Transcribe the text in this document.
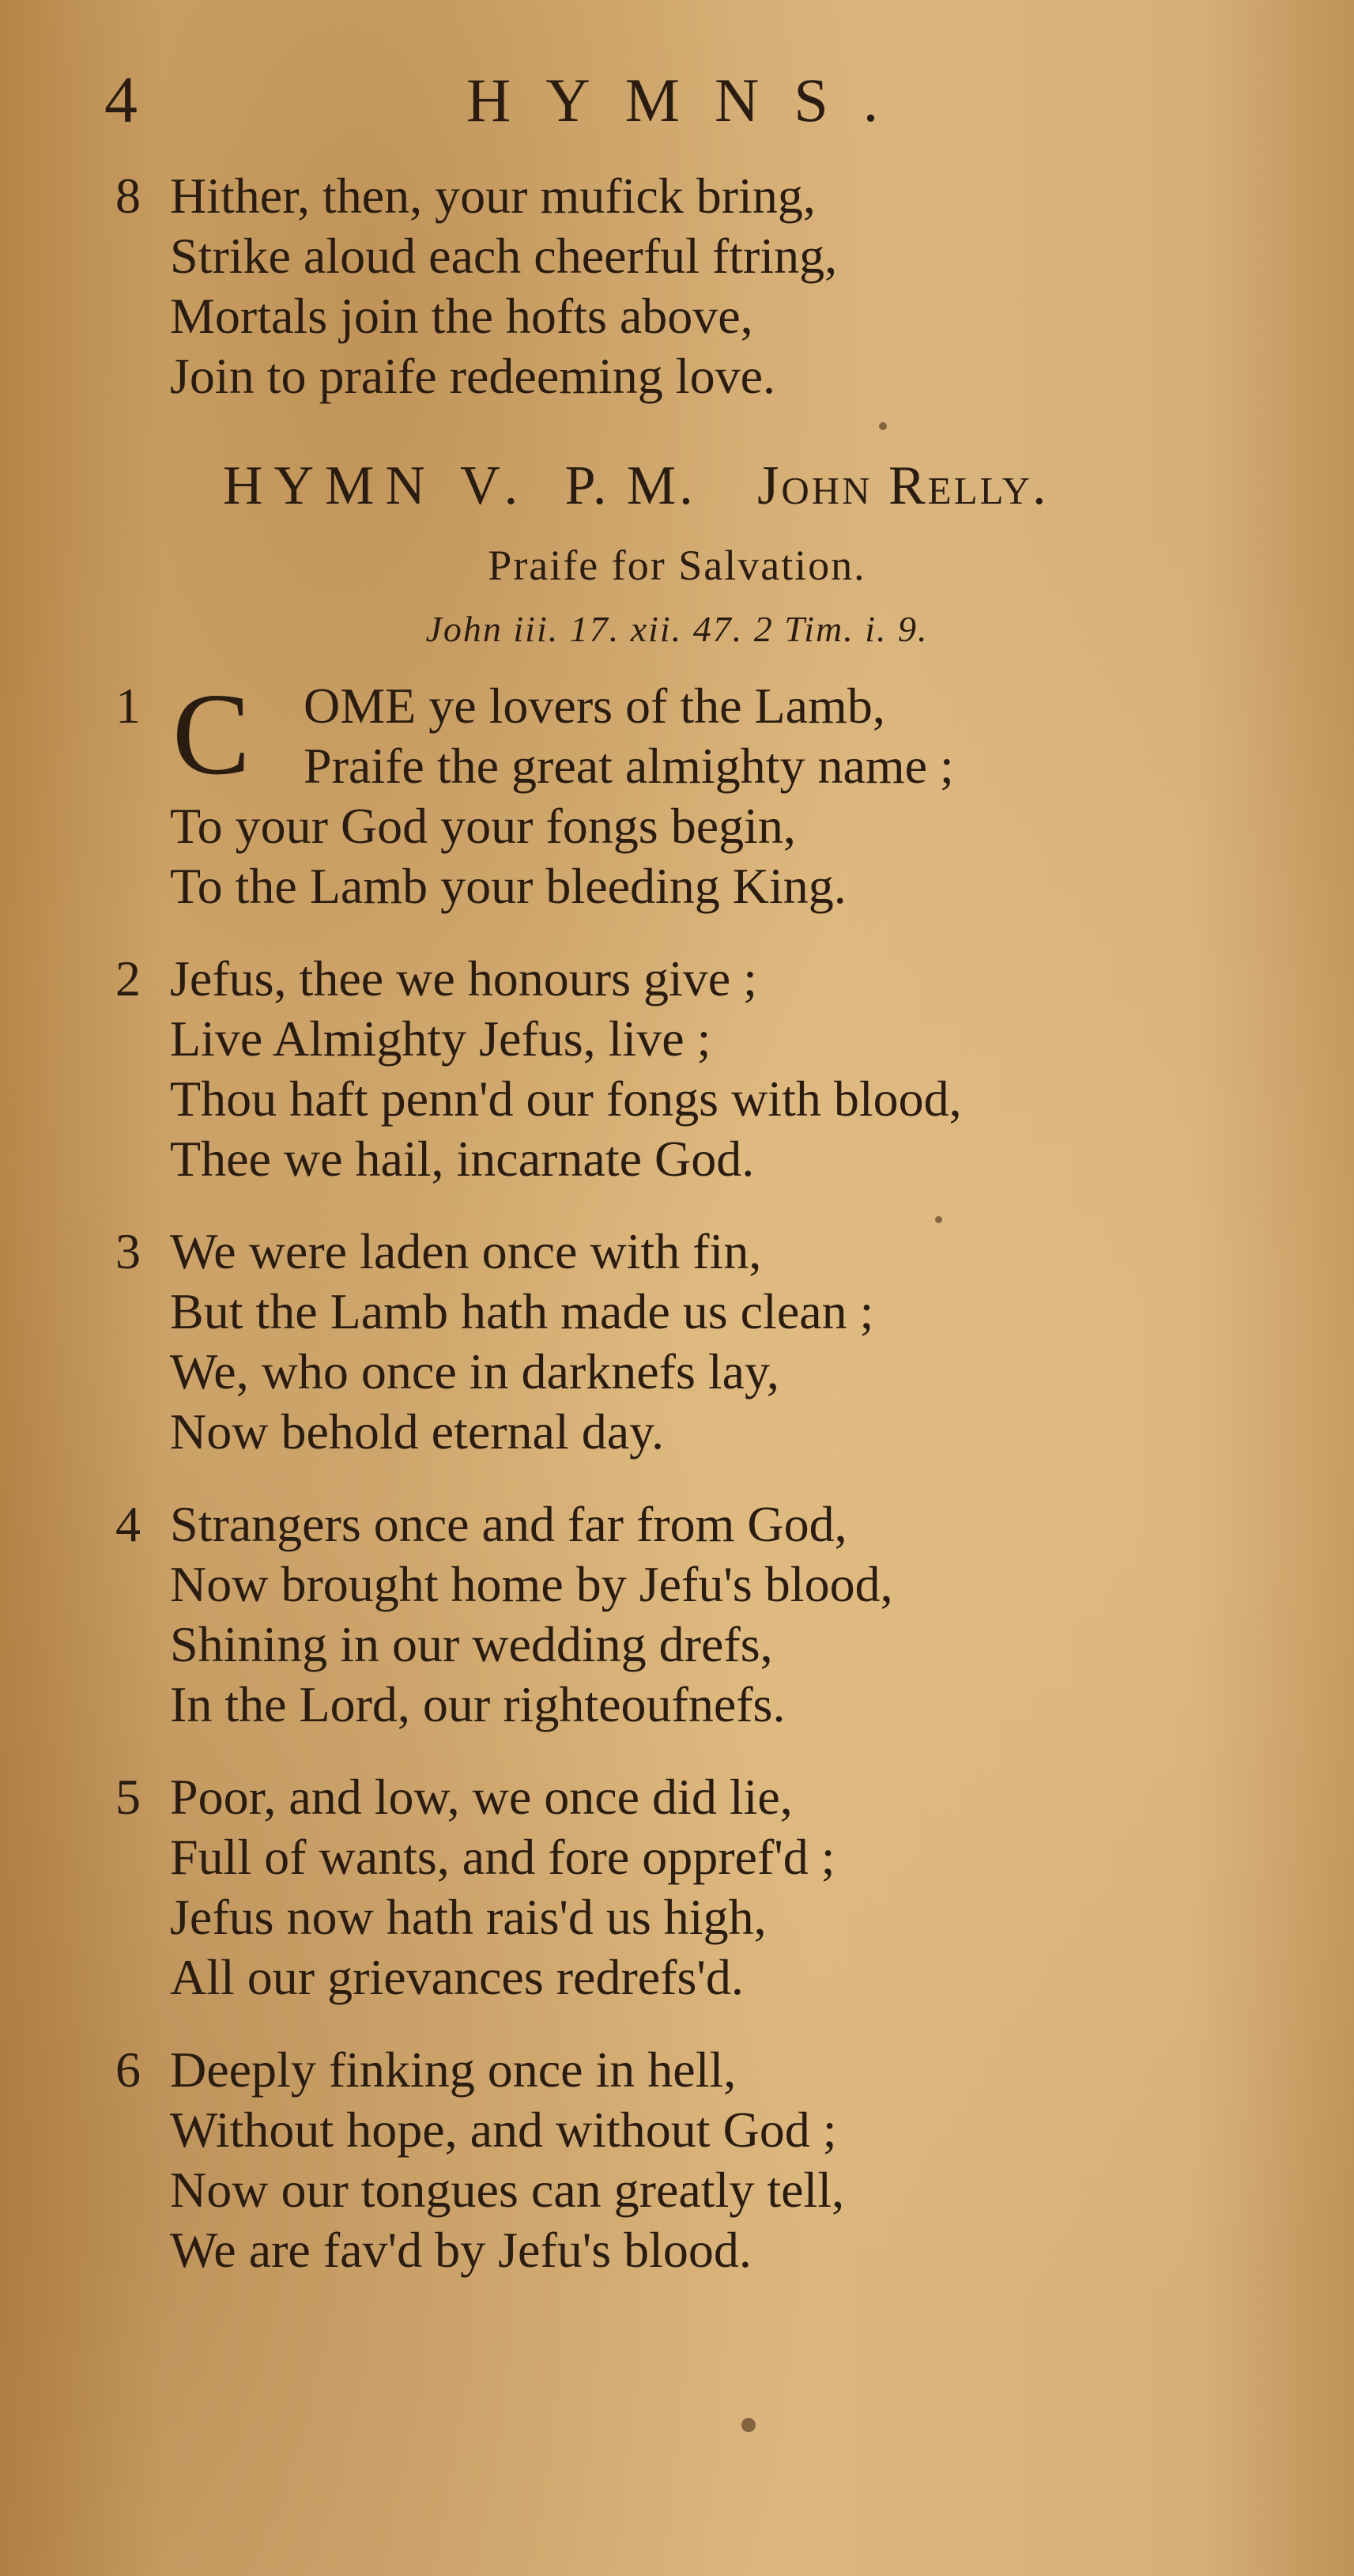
4	HYMNS.
8 Hither, then, your mufick bring,
Strike aloud each cheerful ftring,
Mortals join the hofts above,
Join to praife redeeming love.
HYMN V. P. M. John Relly.
Praife for Salvation.
John iii. 17. xii. 47. 2 Tim. i. 9.
1 C OME ye lovers of the Lamb,
Praife the great almighty name ;
To your God your fongs begin,
To the Lamb your bleeding King.
2 Jefus, thee we honours give ;
Live Almighty Jefus, live ;
Thou haft penn'd our fongs with blood,
Thee we hail, incarnate God.
3 We were laden once with fin,
But the Lamb hath made us clean ;
We, who once in darknefs lay,
Now behold eternal day.
4 Strangers once and far from God,
Now brought home by Jefu's blood,
Shining in our wedding drefs,
In the Lord, our righteoufnefs.
5 Poor, and low, we once did lie,
Full of wants, and fore oppref'd ;
Jefus now hath rais'd us high,
All our grievances redrefs'd.
6 Deeply finking once in hell,
Without hope, and without God ;
Now our tongues can greatly tell,
We are fav'd by Jefu's blood.
